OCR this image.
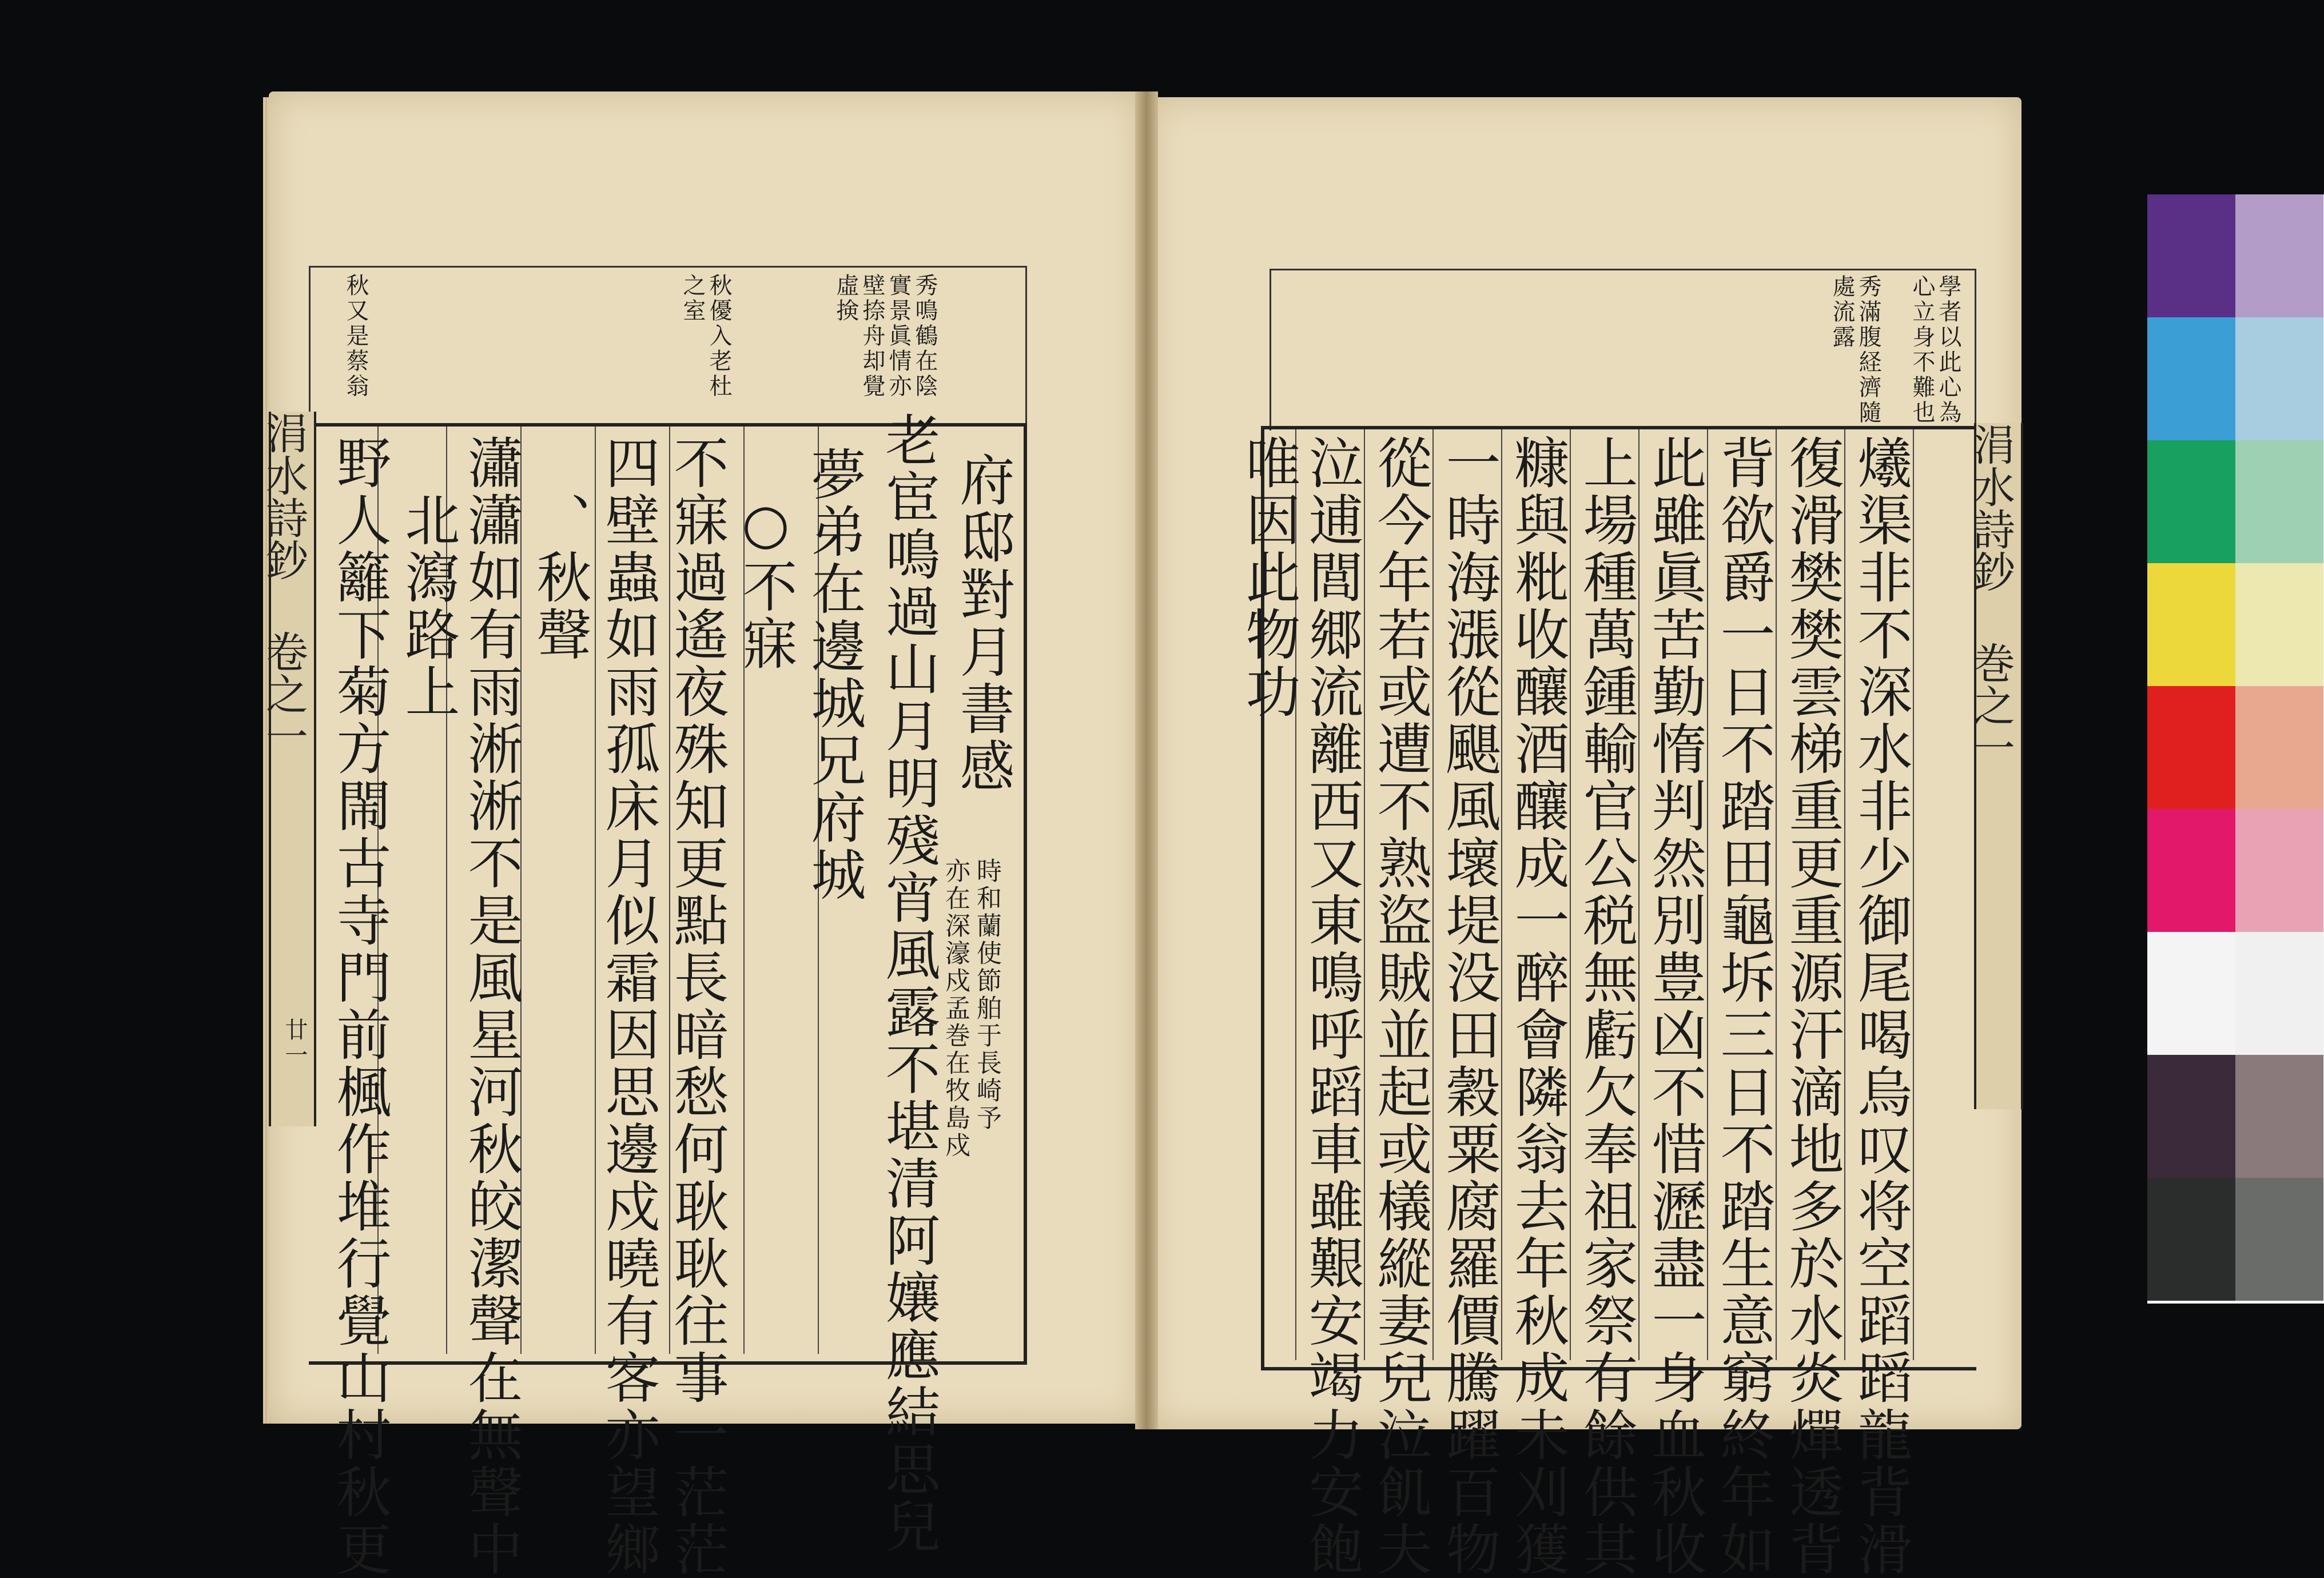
秀鳴鶴在陰實景眞情亦壁捺舟却覺虛𢮦
秋優入老杜之室
秋又是蔡翁
涓水詩鈔 卷之一
廿一
府邸對月書感
時和蘭使節舶于長崎予
亦在深濠戍孟巻在牧島戍
老宦鳴過山月明殘宵風露不堪清阿孃應結思兒
夢弟在邊城兄府城
○不寐
不寐過遙夜殊知更點長暗愁何耿耿往事一茫茫
四壁蟲如雨孤床月似霜因思邊戍曉有客亦望鄉
、秋聲
瀟瀟如有雨淅淅不是風星河秋皎潔聲在無聲中
北瀉路上
野人籬下菊方閙古寺門前楓作堆行覺山村秋更
學者以此心為心立身不難也
秀滿腹経濟隨處流露
涓水詩鈔 巻之一
爔渠非不深水非少御尾喝烏叹将空蹈蹈龍背滑
復滑樊樊雲梯重更重源汗滴地多於水炎燀透背
背欲爵一日不踏田龜坼三日不踏生意窮終年如
此雖眞苦勤惰判然別豊凶不惜瀝盡一身血秋收
上場種萬鍾輸官公税無虧欠奉祖家祭有餘供其
糠與粃收釀酒釀成一醉會隣翁去年秋成未刈獲
一時海漲從颶風壞堤没田穀粟腐羅價騰躍百物
從今年若或遭不熟盜賊並起或檥縱妻兒泣飢夫
泣逋閭郷流離西又東鳴呼蹈車雖艱安竭力安飽
唯因此物功
